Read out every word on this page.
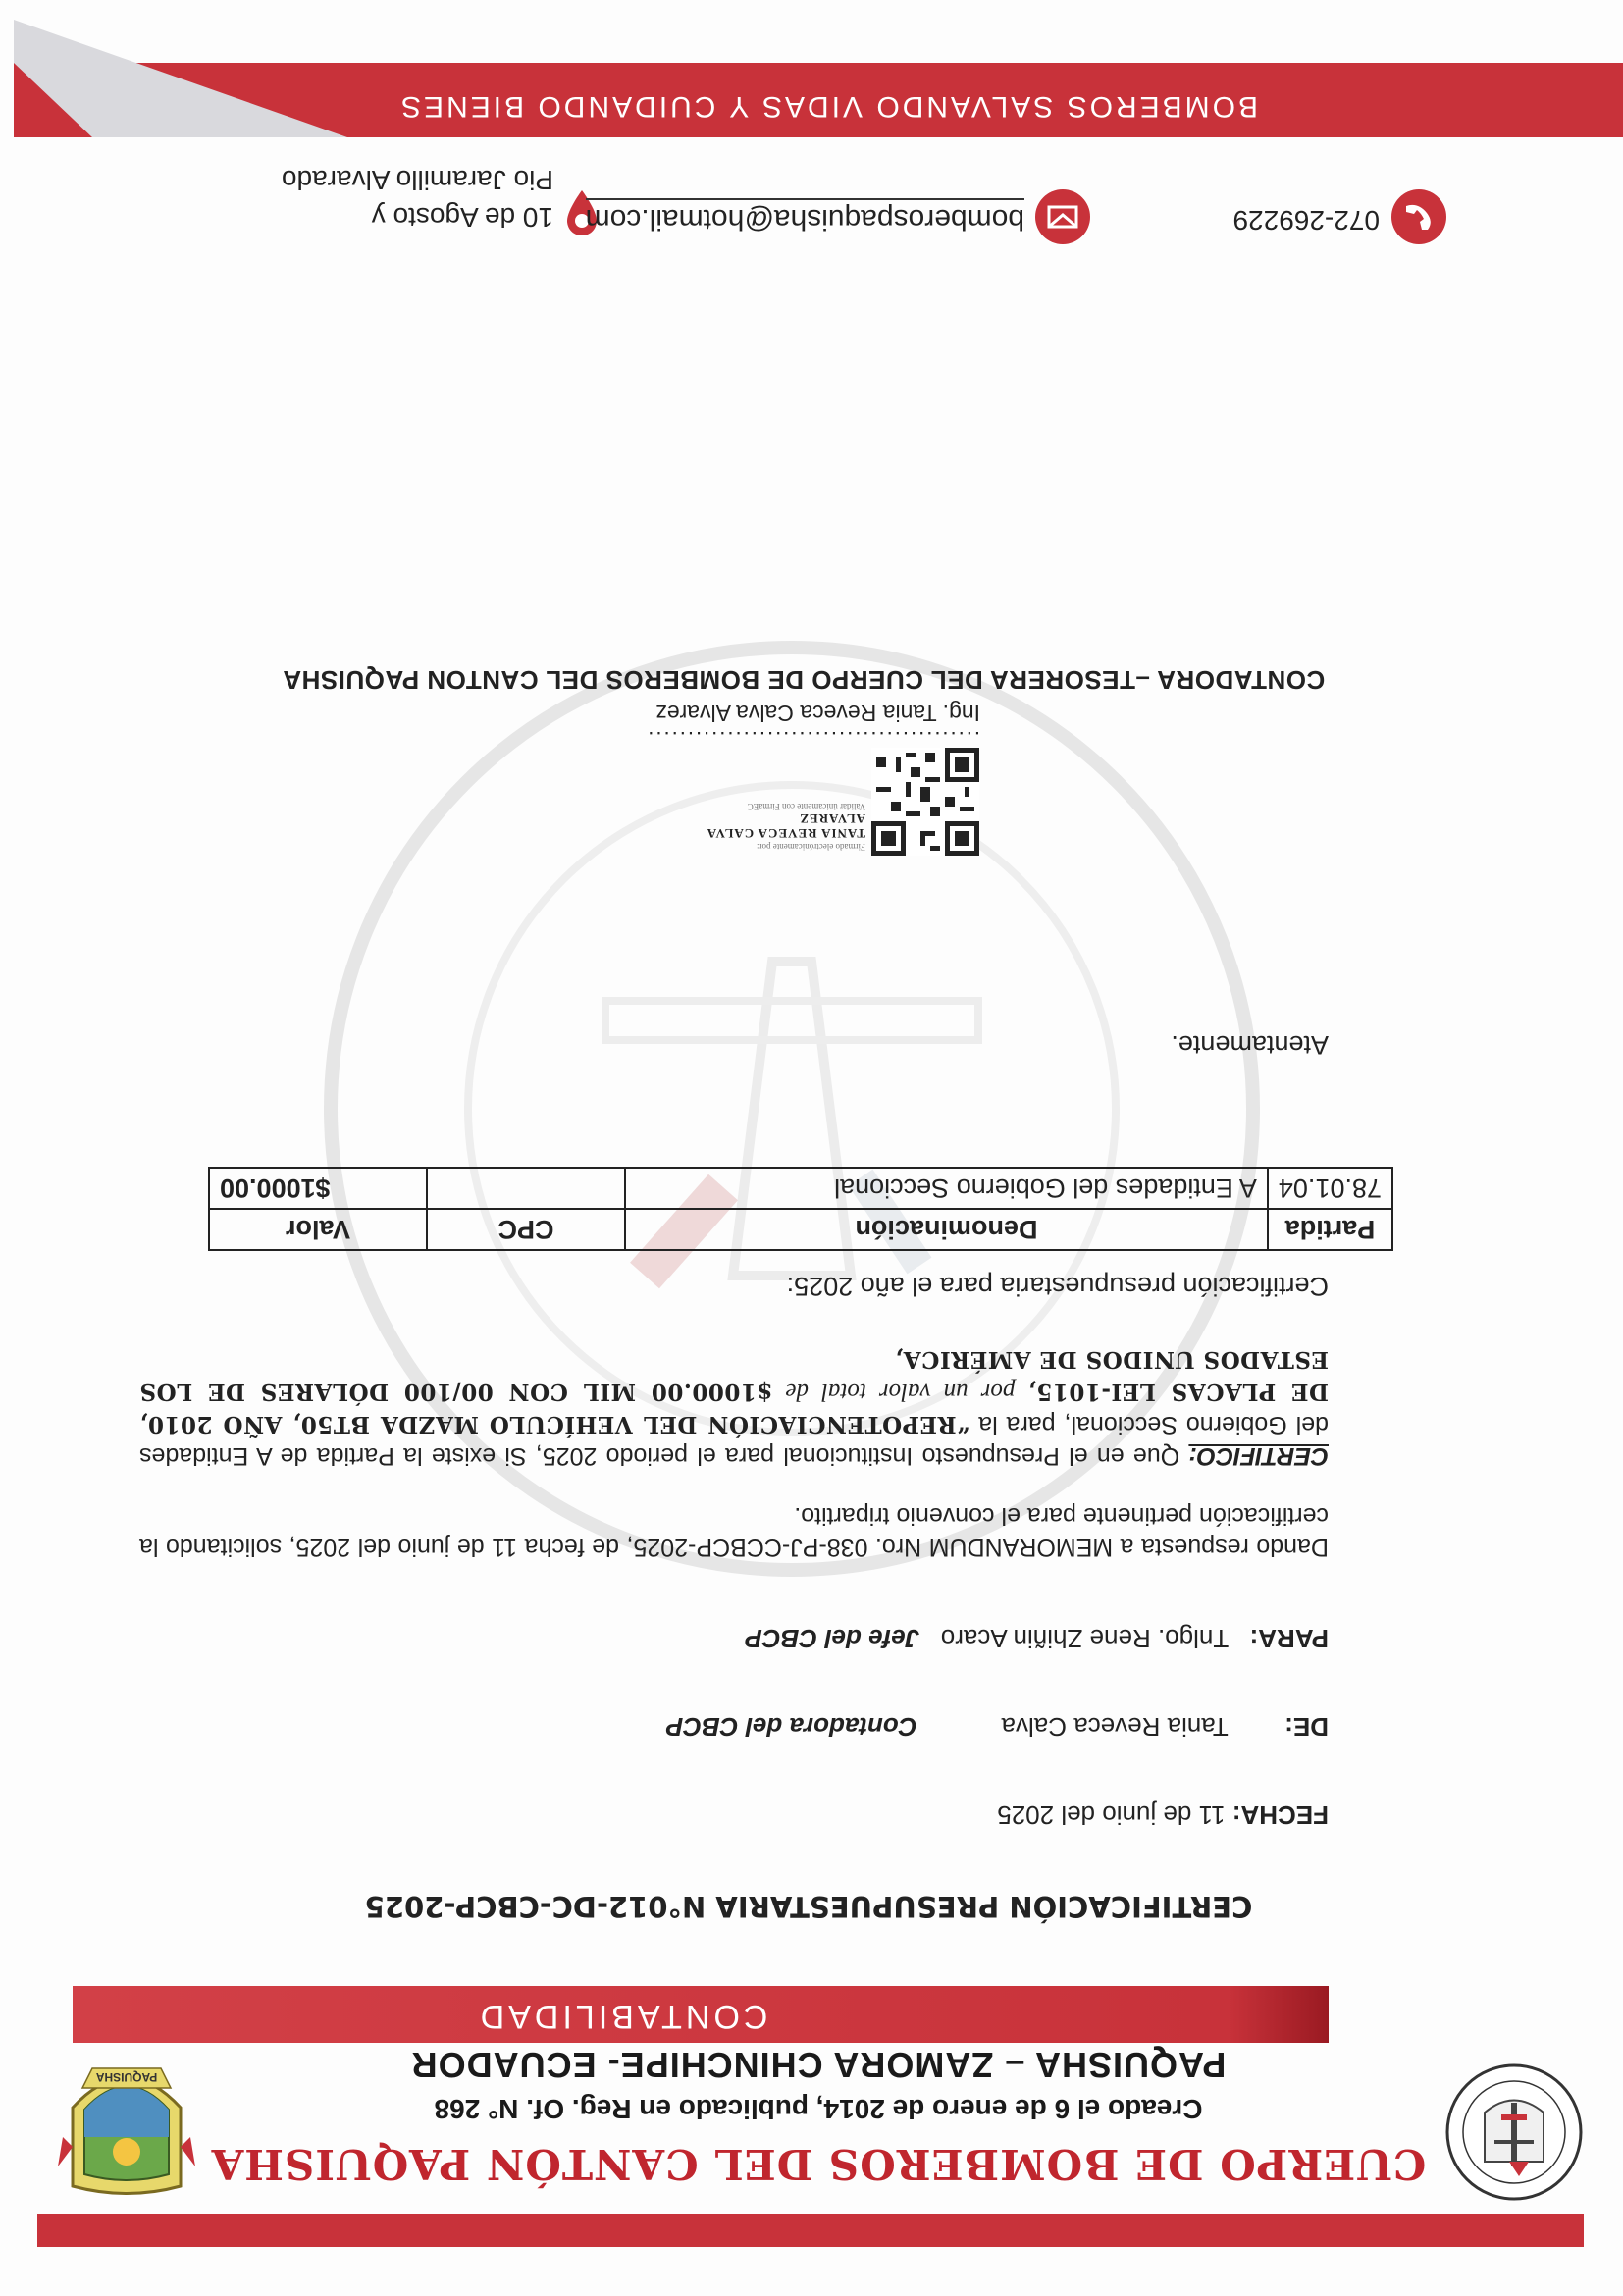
PAQUISHA
CUERPO DE BOMBEROS DEL CANTÓN PAQUISHA
Creado el 6 de enero de 2014, publicado en Reg. Of. N° 268
PAQUISHA – ZAMORA CHINCHIPE- ECUADOR
CONTABILIDAD
CERTIFICACIÓN PRESUPUESTARIA N°012-DC-CBCP-2025
FECHA: 11 de junio del 2025
DE: Tania Reveca Calva Contadora del CBCP
PARA: Tnlgo. Rene Zhiñin Acaro   Jefe del CBCP
Dando respuesta a MEMORANDUM Nro. 038-PJ-CCBCP-2025, de fecha 11 de junio del 2025, solicitando la certificación pertinente para el convenio tripartito.
CERTIFICO: Que en el Presupuesto Institucional para el periodo 2025, Si existe la Partida de A Entidades del Gobierno Seccional, para la “REPOTENCIACIÓN DEL VEHÍCULO MAZDA BT50, AÑO 2010, DE PLACAS LEI-1015, por un valor total de $1000.00 MIL CON 00/100 DÓLARES DE LOS ESTADOS UNIDOS DE AMÉRICA,
Certificación presupuestaria para el año 2025:
Partida	Denominación	CPC	Valor
78.01.04	A Entidades del Gobierno Seccional		$1000.00
Atentamente.
Firmado electrónicamente por:
TANIA REVECA CALVA ALVAREZ
Validar únicamente con FirmaEC
..........................................
Ing. Tania Reveca Calva Alvarez
CONTADORA –TESORERA DEL CUERPO DE BOMBEROS DEL CANTON PAQUISHA
10 de Agosto y
Pio Jaramillo Alvarado
bomberospaquisha@hotmail.com	072-269229
BOMBEROS SALVANDO VIDAS Y CUIDANDO BIENES
